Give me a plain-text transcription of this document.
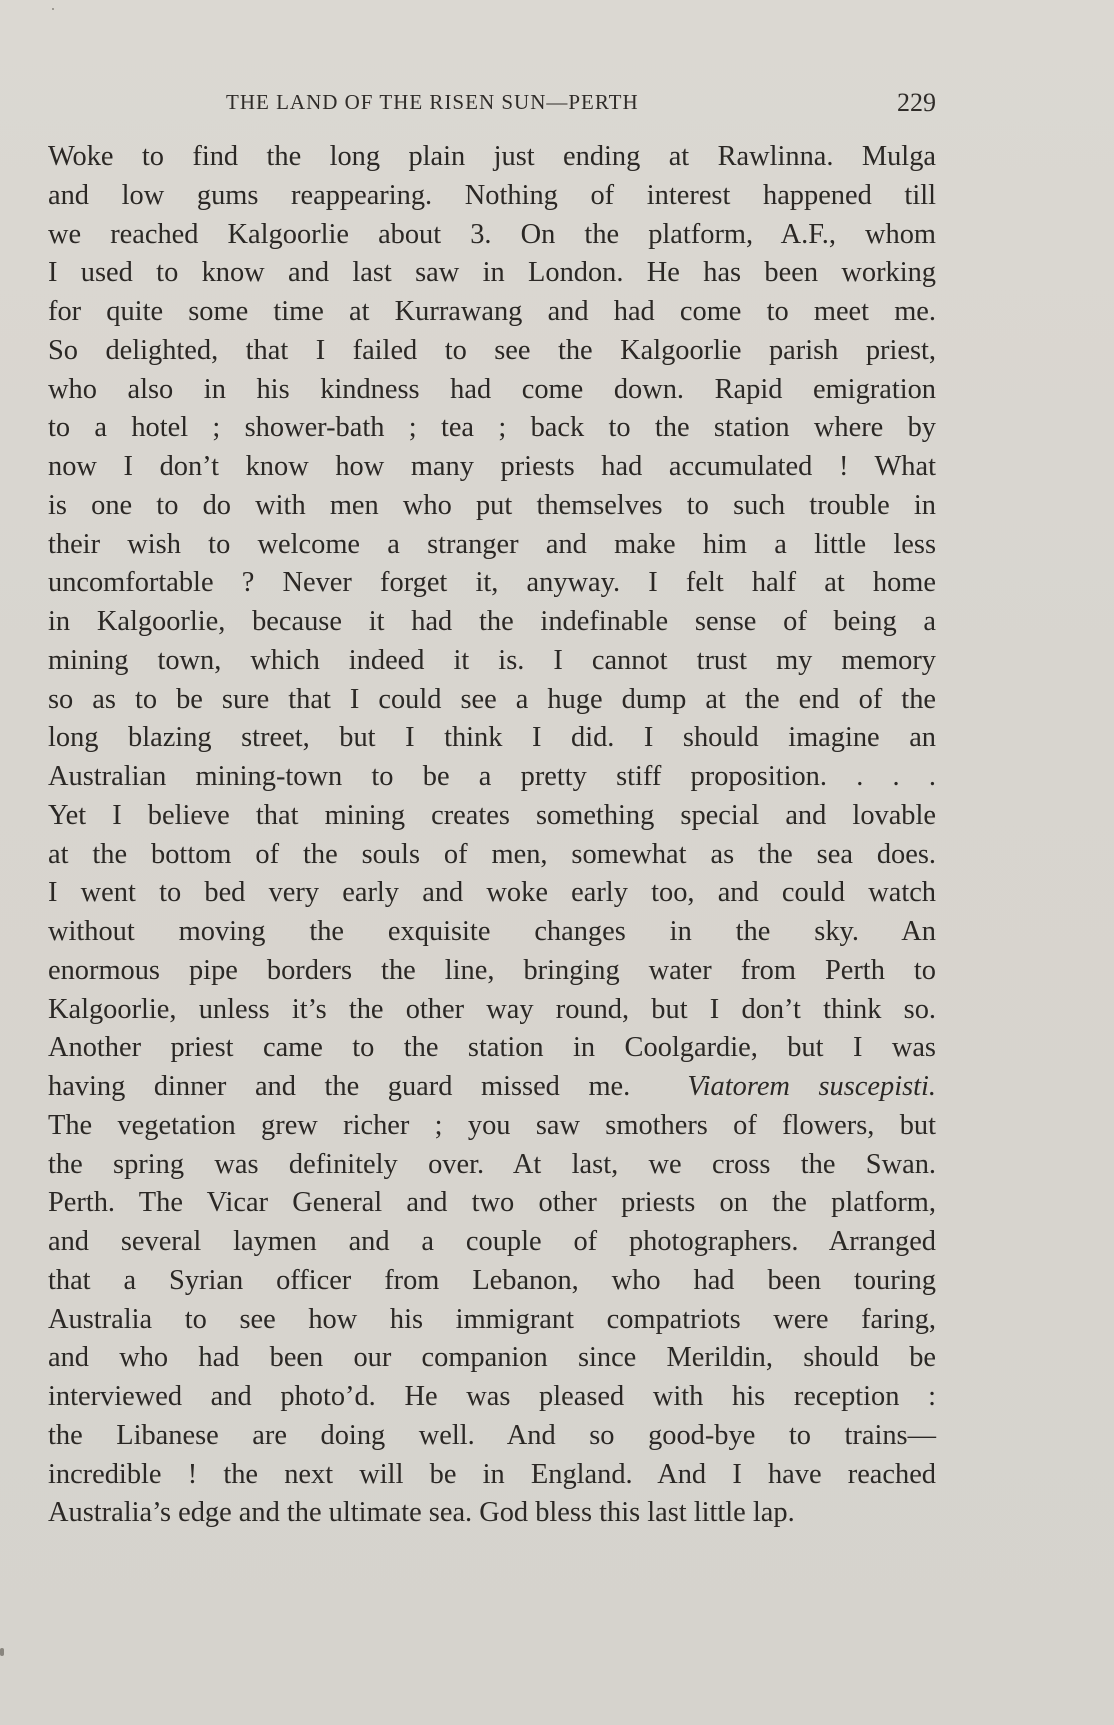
THE LAND OF THE RISEN SUN—PERTH	229
Woke to find the long plain just ending at Rawlinna. Mulga
and low gums reappearing. Nothing of interest happened till
we reached Kalgoorlie about 3. On the platform, A.F., whom
I used to know and last saw in London. He has been working
for quite some time at Kurrawang and had come to meet me.
So delighted, that I failed to see the Kalgoorlie parish priest,
who also in his kindness had come down. Rapid emigration
to a hotel ; shower-bath ; tea ; back to the station where by
now I don’t know how many priests had accumulated ! What
is one to do with men who put themselves to such trouble in
their wish to welcome a stranger and make him a little less
uncomfortable ? Never forget it, anyway. I felt half at home
in Kalgoorlie, because it had the indefinable sense of being a
mining town, which indeed it is. I cannot trust my memory
so as to be sure that I could see a huge dump at the end of the
long blazing street, but I think I did. I should imagine an
Australian mining-town to be a pretty stiff proposition. . . .
Yet I believe that mining creates something special and lovable
at the bottom of the souls of men, somewhat as the sea does.
I went to bed very early and woke early too, and could watch
without moving the exquisite changes in the sky. An
enormous pipe borders the line, bringing water from Perth to
Kalgoorlie, unless it’s the other way round, but I don’t think so.
Another priest came to the station in Coolgardie, but I was
having dinner and the guard missed me. Viatorem suscepisti.
The vegetation grew richer ; you saw smothers of flowers, but
the spring was definitely over. At last, we cross the Swan.
Perth. The Vicar General and two other priests on the platform,
and several laymen and a couple of photographers. Arranged
that a Syrian officer from Lebanon, who had been touring
Australia to see how his immigrant compatriots were faring,
and who had been our companion since Merildin, should be
interviewed and photo’d. He was pleased with his reception :
the Libanese are doing well. And so good-bye to trains—
incredible ! the next will be in England. And I have reached
Australia’s edge and the ultimate sea. God bless this last little lap.
